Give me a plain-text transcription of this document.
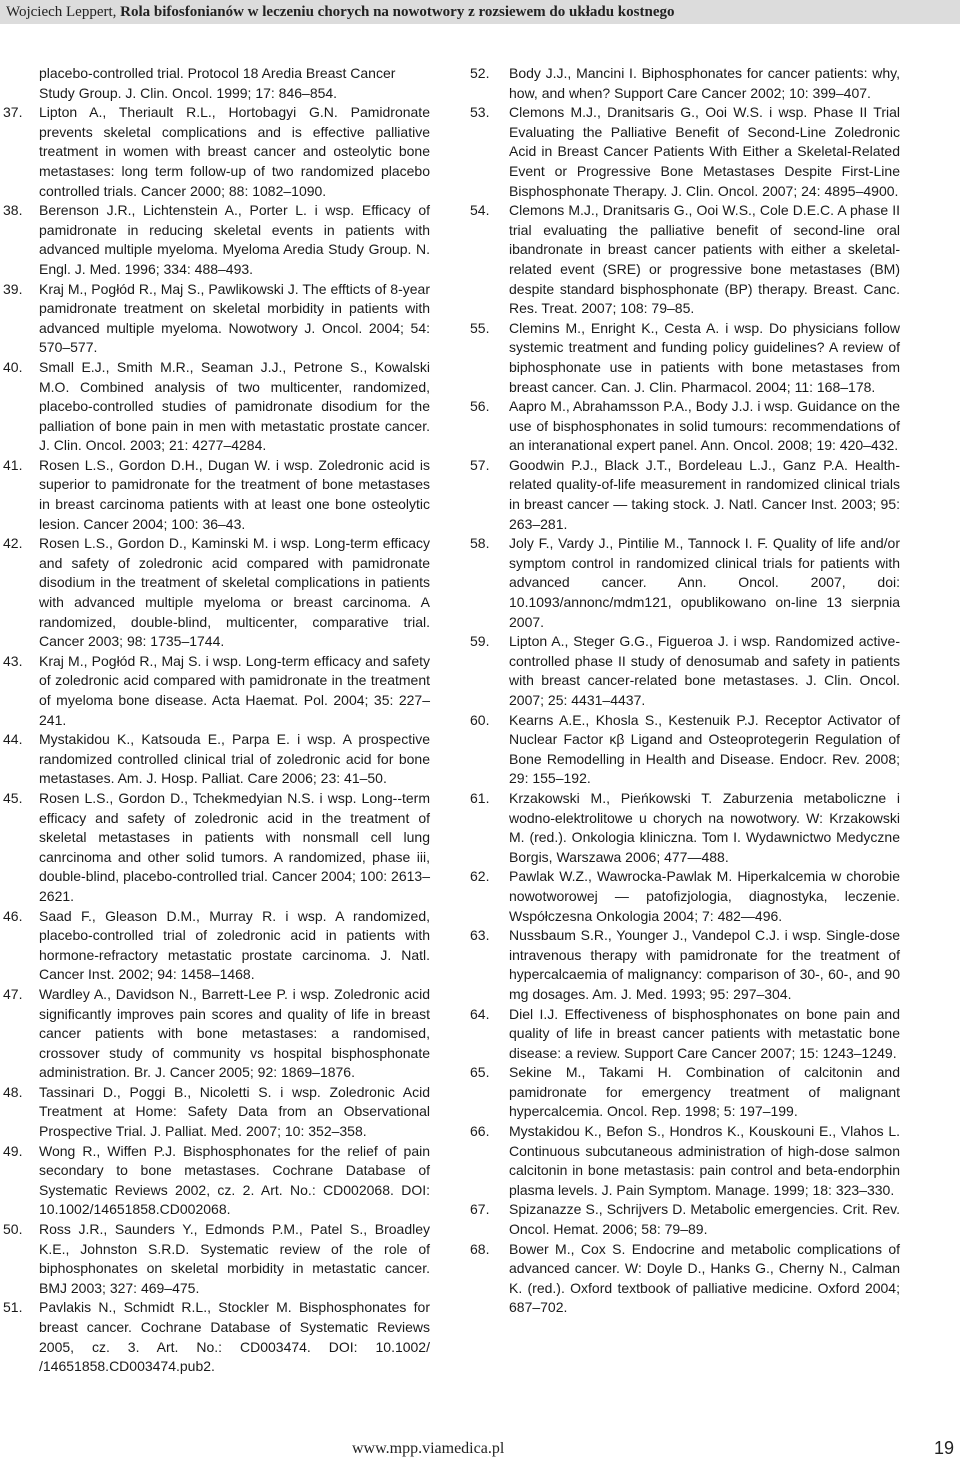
Wojciech Leppert, Rola bifosfonianów w leczeniu chorych na nowotwory z rozsiewem do układu kostnego
placebo-controlled trial. Protocol 18 Aredia Breast Cancer Study Group. J. Clin. Oncol. 1999; 17: 846–854.
37. Lipton A., Theriault R.L., Hortobagyi G.N. Pamidronate prevents skeletal complications and is effective palliative treatment in women with breast cancer and osteolytic bone metastases: long term follow-up of two randomized placebo controlled trials. Cancer 2000; 88: 1082–1090.
38. Berenson J.R., Lichtenstein A., Porter L. i wsp. Efficacy of pamidronate in reducing skeletal events in patients with advanced multiple myeloma. Myeloma Aredia Study Group. N. Engl. J. Med. 1996; 334: 488–493.
39. Kraj M., Pogłód R., Maj S., Pawlikowski J. The effticts of 8-year pamidronate treatment on skeletal morbidity in patients with advanced multiple myeloma. Nowotwory J. Oncol. 2004; 54: 570–577.
40. Small E.J., Smith M.R., Seaman J.J., Petrone S., Kowalski M.O. Combined analysis of two multicenter, randomized, placebo-controlled studies of pamidronate disodium for the palliation of bone pain in men with metastatic prostate cancer. J. Clin. Oncol. 2003; 21: 4277–4284.
41. Rosen L.S., Gordon D.H., Dugan W. i wsp. Zoledronic acid is superior to pamidronate for the treatment of bone metastases in breast carcinoma patients with at least one bone osteolytic lesion. Cancer 2004; 100: 36–43.
42. Rosen L.S., Gordon D., Kaminski M. i wsp. Long-term efficacy and safety of zoledronic acid compared with pamidronate disodium in the treatment of skeletal complications in patients with advanced multiple myeloma or breast carcinoma. A randomized, double-blind, multicenter, comparative trial. Cancer 2003; 98: 1735–1744.
43. Kraj M., Pogłód R., Maj S. i wsp. Long-term efficacy and safety of zoledronic acid compared with pamidronate in the treatment of myeloma bone disease. Acta Haemat. Pol. 2004; 35: 227–241.
44. Mystakidou K., Katsouda E., Parpa E. i wsp. A prospective randomized controlled clinical trial of zoledronic acid for bone metastases. Am. J. Hosp. Palliat. Care 2006; 23: 41–50.
45. Rosen L.S., Gordon D., Tchekmedyian N.S. i wsp. Long--term efficacy and safety of zoledronic acid in the treatment of skeletal metastases in patients with nonsmall cell lung canrcinoma and other solid tumors. A randomized, phase iii, double-blind, placebo-controlled trial. Cancer 2004; 100: 2613–2621.
46. Saad F., Gleason D.M., Murray R. i wsp. A randomized, placebo-controlled trial of zoledronic acid in patients with hormone-refractory metastatic prostate carcinoma. J. Natl. Cancer Inst. 2002; 94: 1458–1468.
47. Wardley A., Davidson N., Barrett-Lee P. i wsp. Zoledronic acid significantly improves pain scores and quality of life in breast cancer patients with bone metastases: a randomised, crossover study of community vs hospital bisphosphonate administration. Br. J. Cancer 2005; 92: 1869–1876.
48. Tassinari D., Poggi B., Nicoletti S. i wsp. Zoledronic Acid Treatment at Home: Safety Data from an Observational Prospective Trial. J. Palliat. Med. 2007; 10: 352–358.
49. Wong R., Wiffen P.J. Bisphosphonates for the relief of pain secondary to bone metastases. Cochrane Database of Systematic Reviews 2002, cz. 2. Art. No.: CD002068. DOI: 10.1002/14651858.CD002068.
50. Ross J.R., Saunders Y., Edmonds P.M., Patel S., Broadley K.E., Johnston S.R.D. Systematic review of the role of biphosphonates on skeletal morbidity in metastatic cancer. BMJ 2003; 327: 469–475.
51. Pavlakis N., Schmidt R.L., Stockler M. Bisphosphonates for breast cancer. Cochrane Database of Systematic Reviews 2005, cz. 3. Art. No.: CD003474. DOI: 10.1002/ /14651858.CD003474.pub2.
52. Body J.J., Mancini I. Biphosphonates for cancer patients: why, how, and when? Support Care Cancer 2002; 10: 399–407.
53. Clemons M.J., Dranitsaris G., Ooi W.S. i wsp. Phase II Trial Evaluating the Palliative Benefit of Second-Line Zoledronic Acid in Breast Cancer Patients With Either a Skeletal-Related Event or Progressive Bone Metastases Despite First-Line Bisphosphonate Therapy. J. Clin. Oncol. 2007; 24: 4895–4900.
54. Clemons M.J., Dranitsaris G., Ooi W.S., Cole D.E.C. A phase II trial evaluating the palliative benefit of second-line oral ibandronate in breast cancer patients with either a skeletal-related event (SRE) or progressive bone metastases (BM) despite standard bisphosphonate (BP) therapy. Breast. Canc. Res. Treat. 2007; 108: 79–85.
55. Clemins M., Enright K., Cesta A. i wsp. Do physicians follow systemic treatment and funding policy guidelines? A review of biphosphonate use in patients with bone metastases from breast cancer. Can. J. Clin. Pharmacol. 2004; 11: 168–178.
56. Aapro M., Abrahamsson P.A., Body J.J. i wsp. Guidance on the use of bisphosphonates in solid tumours: recommendations of an interanational expert panel. Ann. Oncol. 2008; 19: 420–432.
57. Goodwin P.J., Black J.T., Bordeleau L.J., Ganz P.A. Health-related quality-of-life measurement in randomized clinical trials in breast cancer — taking stock. J. Natl. Cancer Inst. 2003; 95: 263–281.
58. Joly F., Vardy J., Pintilie M., Tannock I. F. Quality of life and/or symptom control in randomized clinical trials for patients with advanced cancer. Ann. Oncol. 2007, doi: 10.1093/annonc/mdm121, opublikowano on-line 13 sierpnia 2007.
59. Lipton A., Steger G.G., Figueroa J. i wsp. Randomized active-controlled phase II study of denosumab and safety in patients with breast cancer-related bone metastases. J. Clin. Oncol. 2007; 25: 4431–4437.
60. Kearns A.E., Khosla S., Kestenuik P.J. Receptor Activator of Nuclear Factor κβ Ligand and Osteoprotegerin Regulation of Bone Remodelling in Health and Disease. Endocr. Rev. 2008; 29: 155–192.
61. Krzakowski M., Pieńkowski T. Zaburzenia metaboliczne i wodno-elektrolitowe u chorych na nowotwory. W: Krzakowski M. (red.). Onkologia kliniczna. Tom I. Wydawnictwo Medyczne Borgis, Warszawa 2006; 477—488.
62. Pawlak W.Z., Wawrocka-Pawlak M. Hiperkalcemia w chorobie nowotworowej — patofizjologia, diagnostyka, leczenie. Współczesna Onkologia 2004; 7: 482—496.
63. Nussbaum S.R., Younger J., Vandepol C.J. i wsp. Single-dose intravenous therapy with pamidronate for the treatment of hypercalcaemia of malignancy: comparison of 30-, 60-, and 90 mg dosages. Am. J. Med. 1993; 95: 297–304.
64. Diel I.J. Effectiveness of bisphosphonates on bone pain and quality of life in breast cancer patients with metastatic bone disease: a review. Support Care Cancer 2007; 15: 1243–1249.
65. Sekine M., Takami H. Combination of calcitonin and pamidronate for emergency treatment of malignant hypercalcemia. Oncol. Rep. 1998; 5: 197–199.
66. Mystakidou K., Befon S., Hondros K., Kouskouni E., Vlahos L. Continuous subcutaneous administration of high-dose salmon calcitonin in bone metastasis: pain control and beta-endorphin plasma levels. J. Pain Symptom. Manage. 1999; 18: 323–330.
67. Spizanazze S., Schrijvers D. Metabolic emergencies. Crit. Rev. Oncol. Hemat. 2006; 58: 79–89.
68. Bower M., Cox S. Endocrine and metabolic complications of advanced cancer. W: Doyle D., Hanks G., Cherny N., Calman K. (red.). Oxford textbook of palliative medicine. Oxford 2004; 687–702.
www.mpp.viamedica.pl	19
